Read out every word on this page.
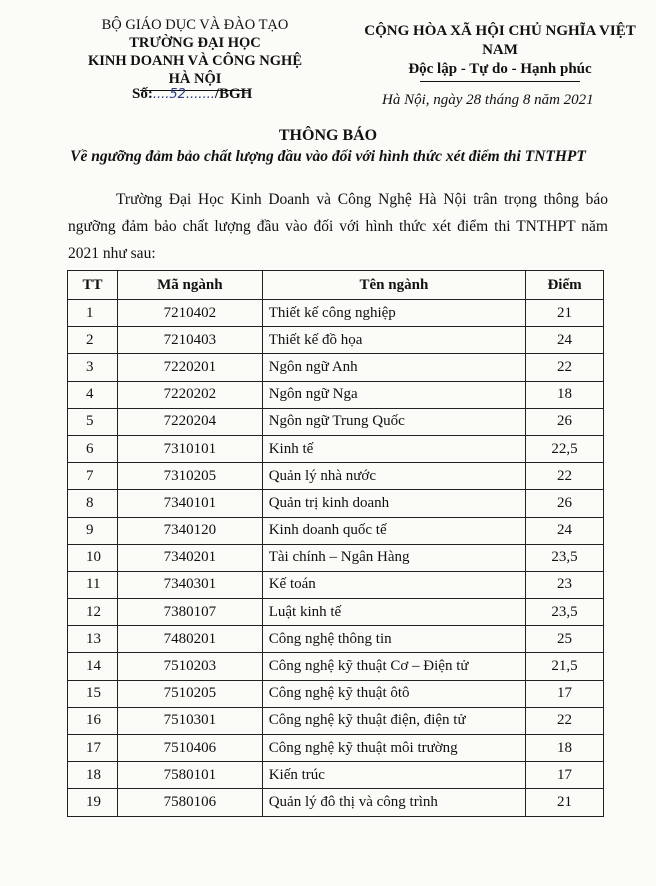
BỘ GIÁO DỤC VÀ ĐÀO TẠO
TRƯỜNG ĐẠI HỌC
KINH DOANH VÀ CÔNG NGHỆ HÀ NỘI
CỘNG HÒA XÃ HỘI CHỦ NGHĨA VIỆT NAM
Độc lập - Tự do - Hạnh phúc
Số:....52......./BGH	Hà Nội, ngày 28 tháng 8 năm 2021
THÔNG BÁO
Về ngưỡng đảm bảo chất lượng đầu vào đối với hình thức xét điểm thi TNTHPT
Trường Đại Học Kinh Doanh và Công Nghệ Hà Nội trân trọng thông báo ngưỡng đảm bảo chất lượng đầu vào đối với hình thức xét điểm thi TNTHPT năm 2021 như sau:
TT	Mã ngành	Tên ngành	Điểm
1	7210402	Thiết kế công nghiệp	21
2	7210403	Thiết kế đồ họa	24
3	7220201	Ngôn ngữ Anh	22
4	7220202	Ngôn ngữ Nga	18
5	7220204	Ngôn ngữ Trung Quốc	26
6	7310101	Kinh tế	22,5
7	7310205	Quản lý nhà nước	22
8	7340101	Quản trị kinh doanh	26
9	7340120	Kinh doanh quốc tế	24
10	7340201	Tài chính – Ngân Hàng	23,5
11	7340301	Kế toán	23
12	7380107	Luật kinh tế	23,5
13	7480201	Công nghệ thông tin	25
14	7510203	Công nghệ kỹ thuật Cơ – Điện tử	21,5
15	7510205	Công nghệ kỹ thuật ôtô	17
16	7510301	Công nghệ kỹ thuật điện, điện tử	22
17	7510406	Công nghệ kỹ thuật môi trường	18
18	7580101	Kiến trúc	17
19	7580106	Quản lý đô thị và công trình	21
